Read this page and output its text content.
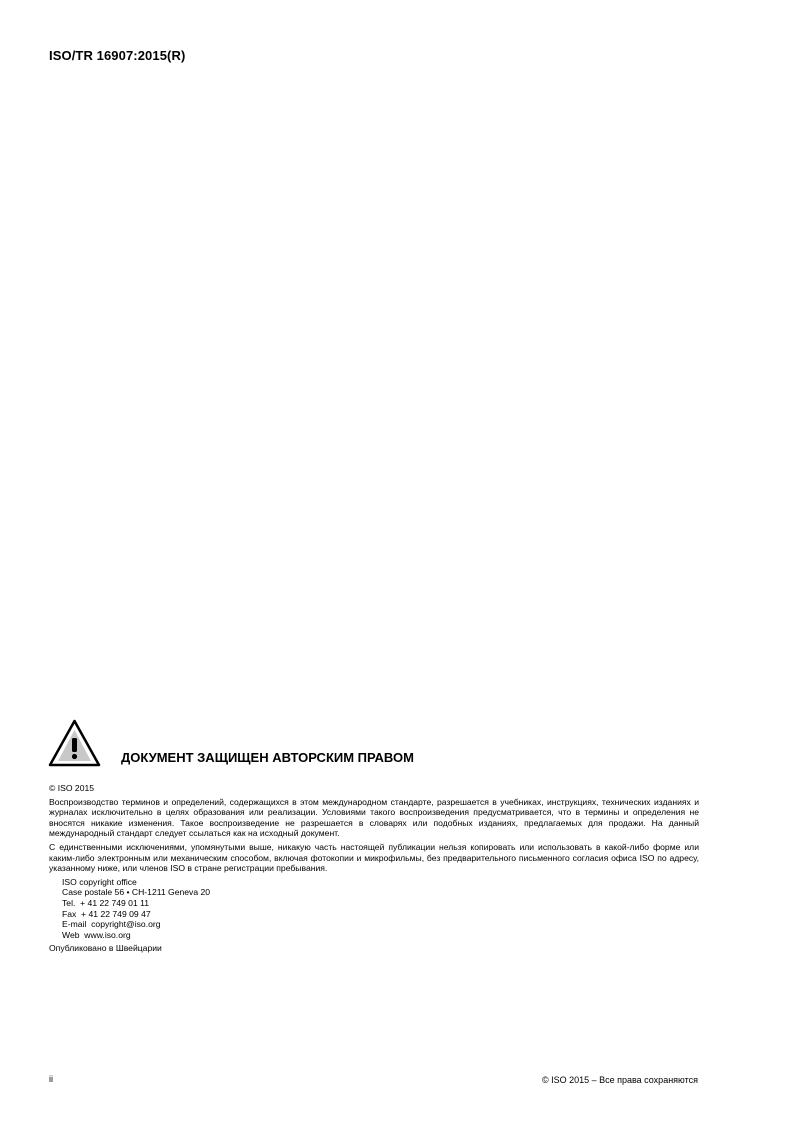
ISO/TR 16907:2015(R)
ДОКУМЕНТ ЗАЩИЩЕН АВТОРСКИМ ПРАВОМ

© ISO 2015

Воспроизводство терминов и определений, содержащихся в этом международном стандарте, разрешается в учебниках, инструкциях, технических изданиях и журналах исключительно в целях образования или реализации. Условиями такого воспроизведения предусматривается, что в термины и определения не вносятся никакие изменения. Такое воспроизведение не разрешается в словарях или подобных изданиях, предлагаемых для продажи. На данный международный стандарт следует ссылаться как на исходный документ.

С единственными исключениями, упомянутыми выше, никакую часть настоящей публикации нельзя копировать или использовать в какой-либо форме или каким-либо электронным или механическим способом, включая фотокопии и микрофильмы, без предварительного письменного согласия офиса ISO по адресу, указанному ниже, или членов ISO в стране регистрации пребывания.

ISO copyright office
Case postale 56 • CH-1211 Geneva 20
Tel.  + 41 22 749 01 11
Fax  + 41 22 749 09 47
E-mail  copyright@iso.org
Web  www.iso.org

Опубликовано в Швейцарии

ii	© ISO 2015 – Все права сохраняются
